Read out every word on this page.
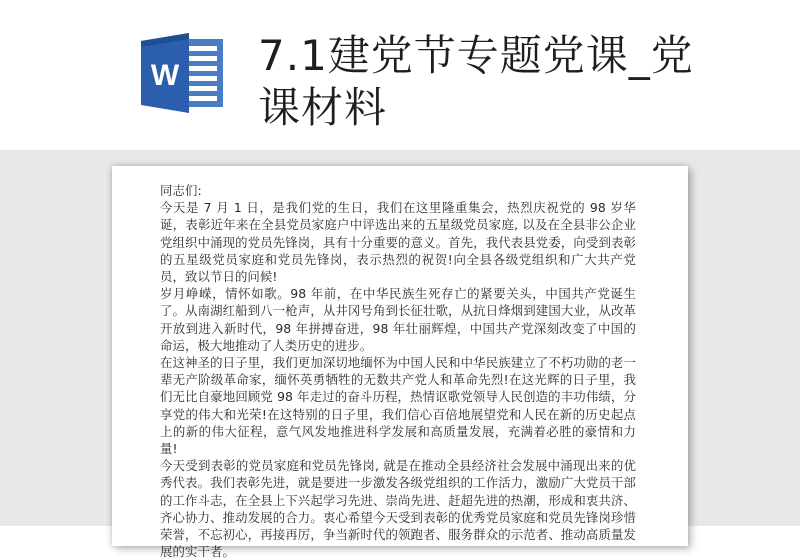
W 7.1建党节专题党课_党课材料

同志们:

今天是 7 月 1 日，是我们党的生日，我们在这里隆重集会，热烈庆祝党的 98 岁华诞，表彰近年来在全县党员家庭户中评选出来的五星级党员家庭, 以及在全县非公企业党组织中涌现的党员先锋岗，具有十分重要的意义。首先，我代表县党委，向受到表彰的五星级党员家庭和党员先锋岗，表示热烈的祝贺!向全县各级党组织和广大共产党员，致以节日的问候!

岁月峥嵘，情怀如歌。98 年前，在中华民族生死存亡的紧要关头，中国共产党诞生了。从南湖红船到八一枪声，从井冈号角到长征壮歌，从抗日烽烟到建国大业，从改革开放到进入新时代，98 年拼搏奋进，98 年壮丽辉煌，中国共产党深刻改变了中国的命运，极大地推动了人类历史的进步。

在这神圣的日子里，我们更加深切地缅怀为中国人民和中华民族建立了不朽功勋的老一辈无产阶级革命家，缅怀英勇牺牲的无数共产党人和革命先烈!在这光辉的日子里，我们无比自豪地回顾党 98 年走过的奋斗历程，热情讴歌党领导人民创造的丰功伟绩，分享党的伟大和光荣!在这特别的日子里，我们信心百倍地展望党和人民在新的历史起点上的新的伟大征程，意气风发地推进科学发展和高质量发展，充满着必胜的豪情和力量!

今天受到表彰的党员家庭和党员先锋岗, 就是在推动全县经济社会发展中涌现出来的优秀代表。我们表彰先进，就是要进一步激发各级党组织的工作活力，激励广大党员干部的工作斗志，在全县上下兴起学习先进、崇尚先进、赶超先进的热潮，形成和衷共济、齐心协力、推动发展的合力。衷心希望今天受到表彰的优秀党员家庭和党员先锋岗珍惜荣誉，不忘初心，再接再厉，争当新时代的领跑者、服务群众的示范者、推动高质量发展的实干者。
